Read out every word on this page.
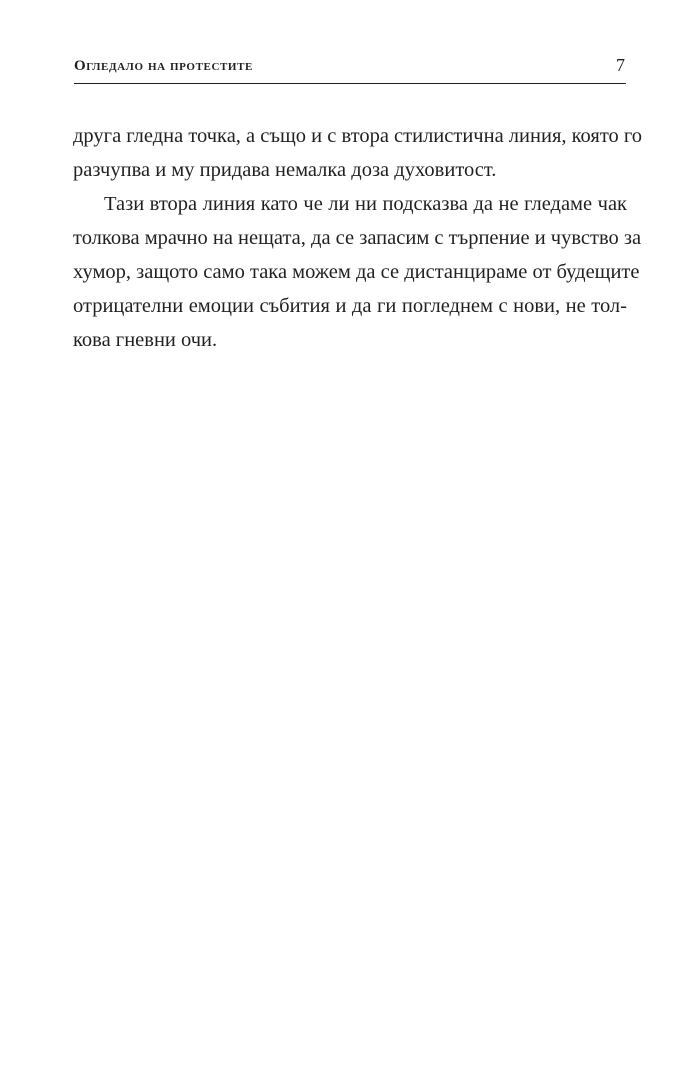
Огледало на протестите	7
друга гледна точка, а също и с втора стилистична линия, която го
разчупва и му придава немалка доза духовитост.
Тази втора линия като че ли ни подсказва да не гледаме чак
толкова мрачно на нещата, да се запасим с търпение и чувство за
хумор, защото само така можем да се дистанцираме от будещите
отрицателни емоции събития и да ги погледнем с нови, не тол-
кова гневни очи.
